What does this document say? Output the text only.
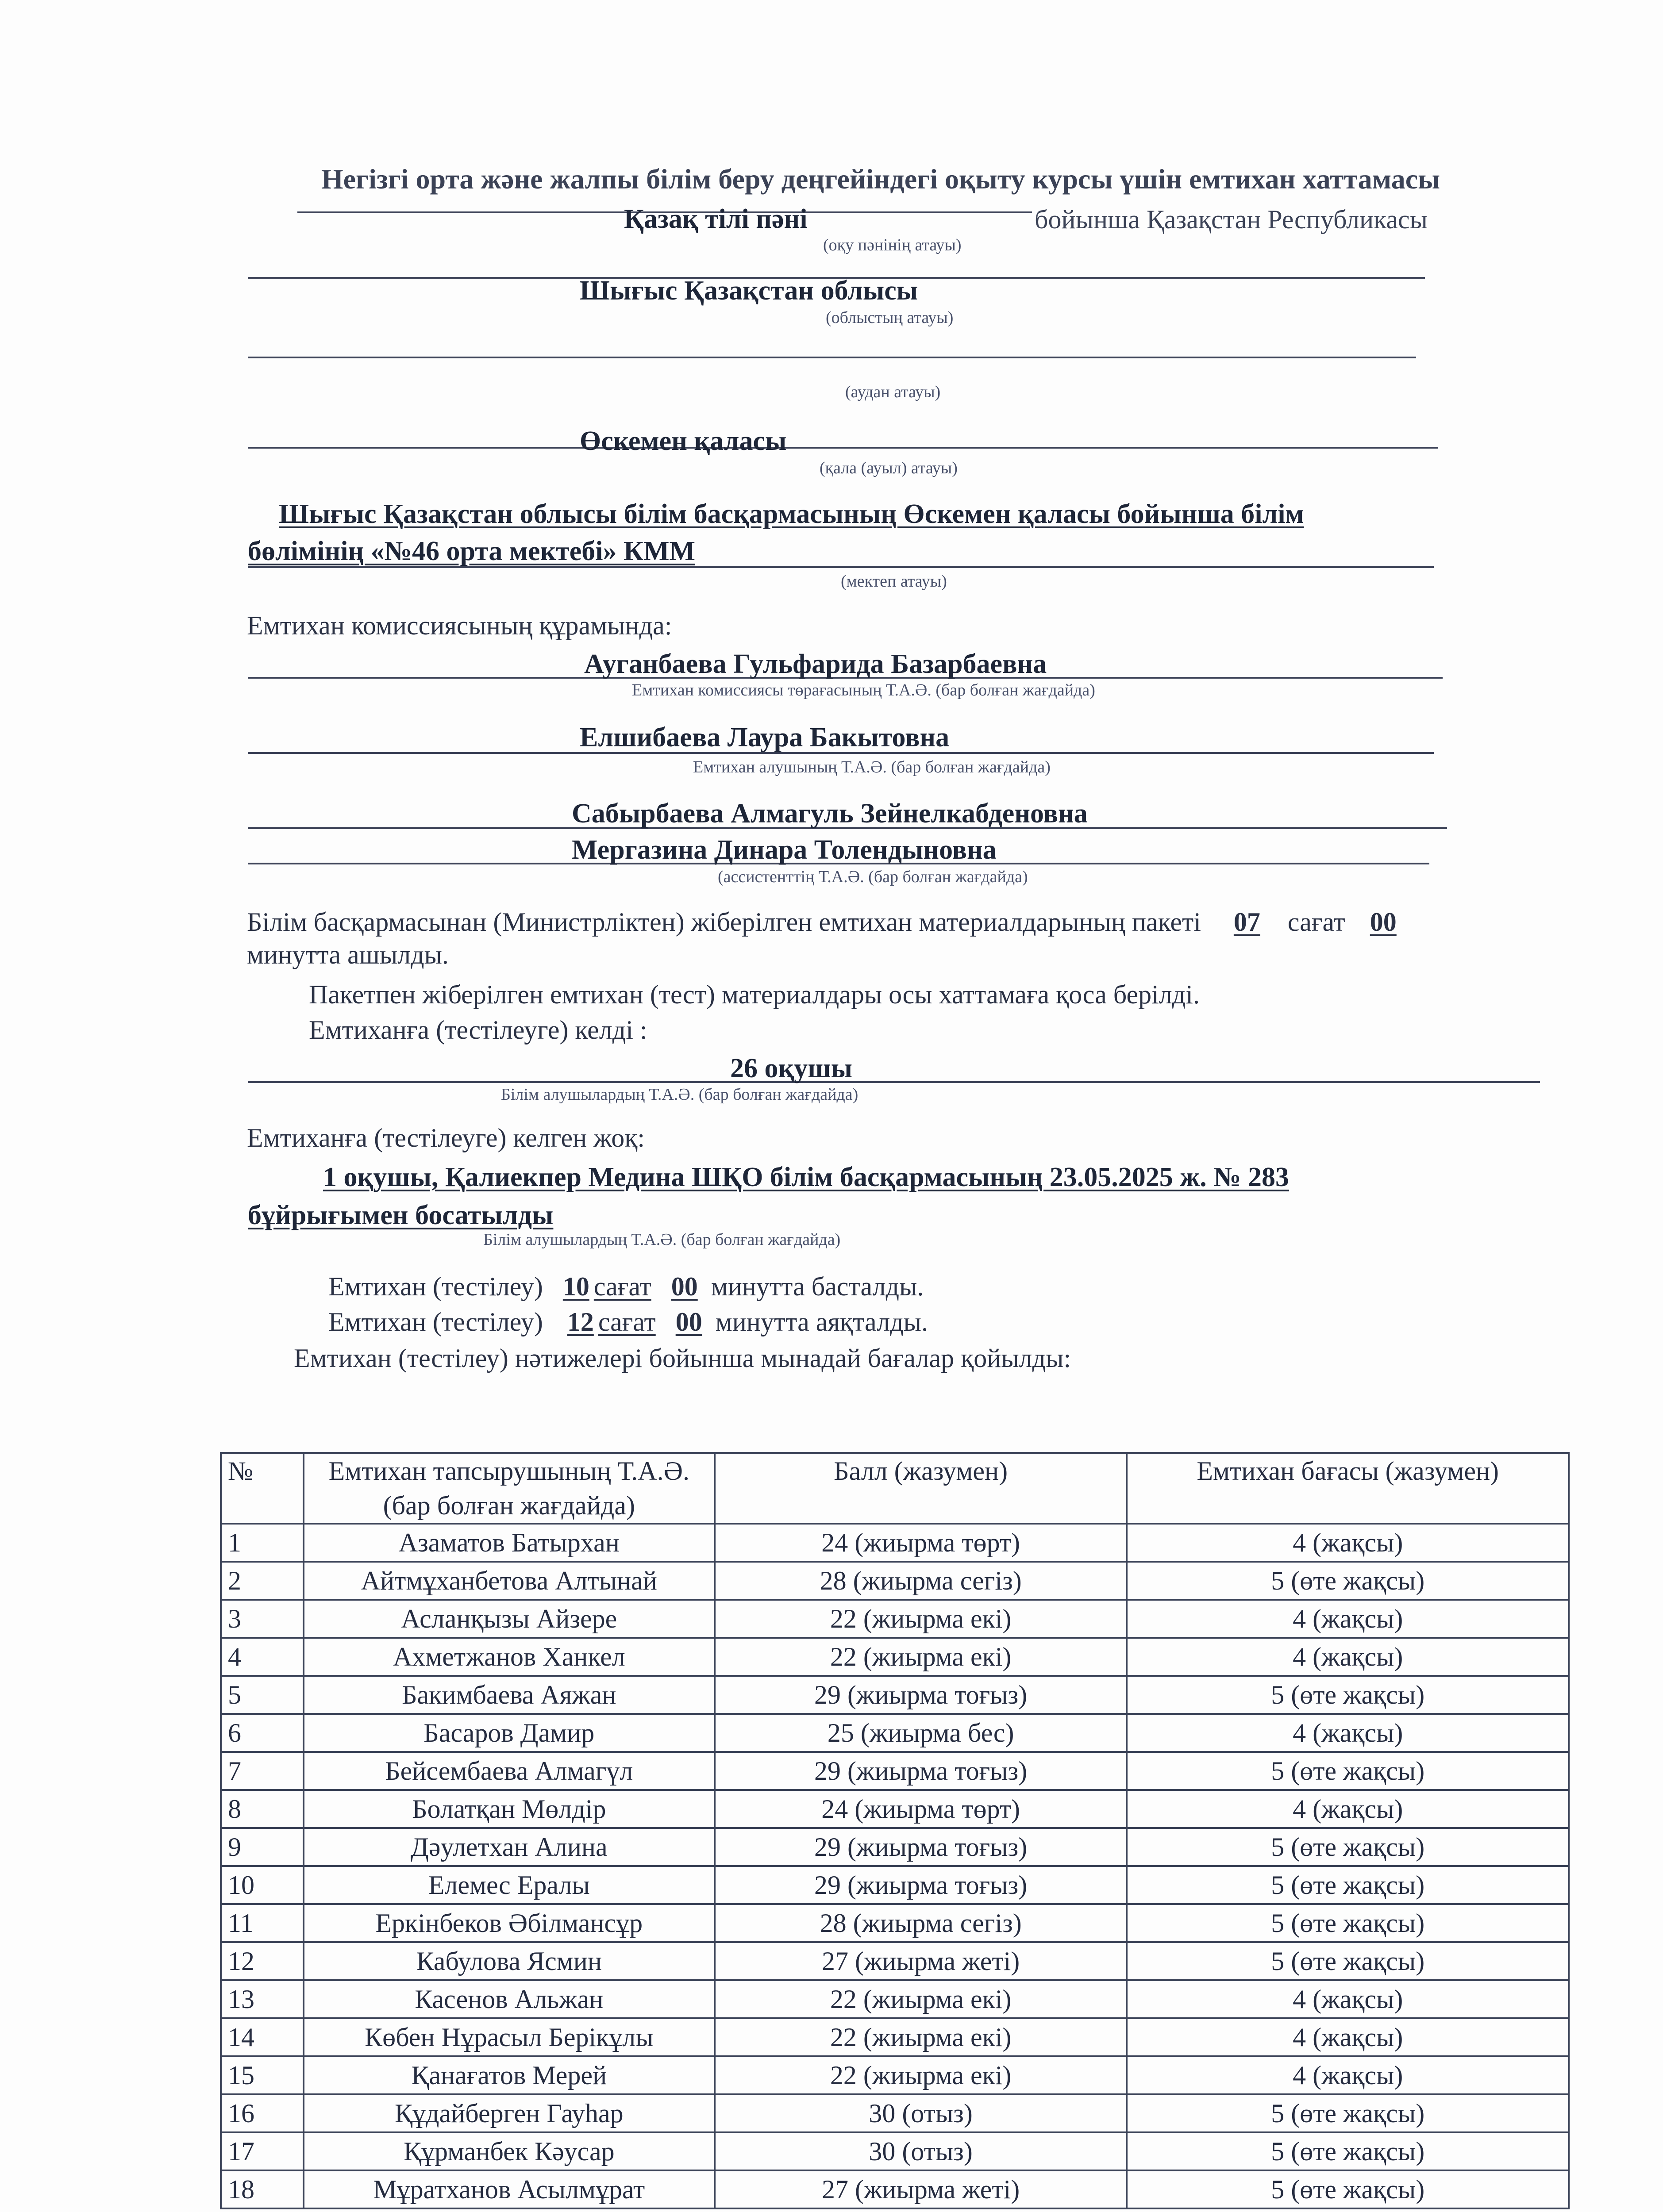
Негізгі орта және жалпы білім беру деңгейіндегі оқыту курсы үшін емтихан хаттамасы
Қазақ тілі пәні	бойынша Қазақстан Республикасы
(оқу пәнінің атауы)
Шығыс Қазақстан облысы
(облыстың атауы)
(аудан атауы)
Өскемен қаласы
(қала (ауыл) атауы)
Шығыс Қазақстан облысы білім басқармасының Өскемен қаласы бойынша білім
бөлімінің «№46 орта мектебі» КММ
(мектеп атауы)
Емтихан комиссиясының құрамында:
Ауганбаева Гульфарида Базарбаевна
Емтихан комиссиясы төрағасының Т.А.Ә. (бар болған жағдайда)
Елшибаева Лаура Бакытовна
Емтихан алушының Т.А.Ә. (бар болған жағдайда)
Сабырбаева Алмагуль Зейнелкабденовна
Мергазина Динара Толендыновна
(ассистенттің Т.А.Ә. (бар болған жағдайда)
Білім басқармасынан (Министрліктен) жіберілген емтихан материалдарының пакеті 07 сағат 00
минутта ашылды.
Пакетпен жіберілген емтихан (тест) материалдары осы хаттамаға қоса берілді.
Емтиханға (тестілеуге) келді :
26 оқушы
Білім алушылардың Т.А.Ә. (бар болған жағдайда)
Емтиханға (тестілеуге) келген жоқ:
1 оқушы, Қалиекпер Медина ШҚО білім басқармасының 23.05.2025 ж. № 283
бұйрығымен босатылды
Білім алушылардың Т.А.Ә. (бар болған жағдайда)
Емтихан (тестілеу) 10 сағат 00 минутта басталды.
Емтихан (тестілеу) 12 сағат 00 минутта аяқталды.
Емтихан (тестілеу) нәтижелері бойынша мынадай бағалар қойылды:
№	Емтихан тапсырушының Т.А.Ә. (бар болған жағдайда)	Балл (жазумен)	Емтихан бағасы (жазумен)
1	Азаматов Батырхан	24 (жиырма төрт)	4 (жақсы)
2	Айтмұханбетова Алтынай	28 (жиырма сегіз)	5 (өте жақсы)
3	Асланқызы Айзере	22 (жиырма екі)	4 (жақсы)
4	Ахметжанов Ханкел	22 (жиырма екі)	4 (жақсы)
5	Бакимбаева Аяжан	29 (жиырма тоғыз)	5 (өте жақсы)
6	Басаров Дамир	25 (жиырма бес)	4 (жақсы)
7	Бейсембаева Алмагүл	29 (жиырма тоғыз)	5 (өте жақсы)
8	Болатқан Мөлдір	24 (жиырма төрт)	4 (жақсы)
9	Дәулетхан Алина	29 (жиырма тоғыз)	5 (өте жақсы)
10	Елемес Ералы	29 (жиырма тоғыз)	5 (өте жақсы)
11	Еркінбеков Әбілмансұр	28 (жиырма сегіз)	5 (өте жақсы)
12	Кабулова Ясмин	27 (жиырма жеті)	5 (өте жақсы)
13	Касенов Альжан	22 (жиырма екі)	4 (жақсы)
14	Көбен Нұрасыл Берікұлы	22 (жиырма екі)	4 (жақсы)
15	Қанағатов Мерей	22 (жиырма екі)	4 (жақсы)
16	Құдайберген Гауһар	30 (отыз)	5 (өте жақсы)
17	Құрманбек Кәусар	30 (отыз)	5 (өте жақсы)
18	Мұратханов Асылмұрат	27 (жиырма жеті)	5 (өте жақсы)
